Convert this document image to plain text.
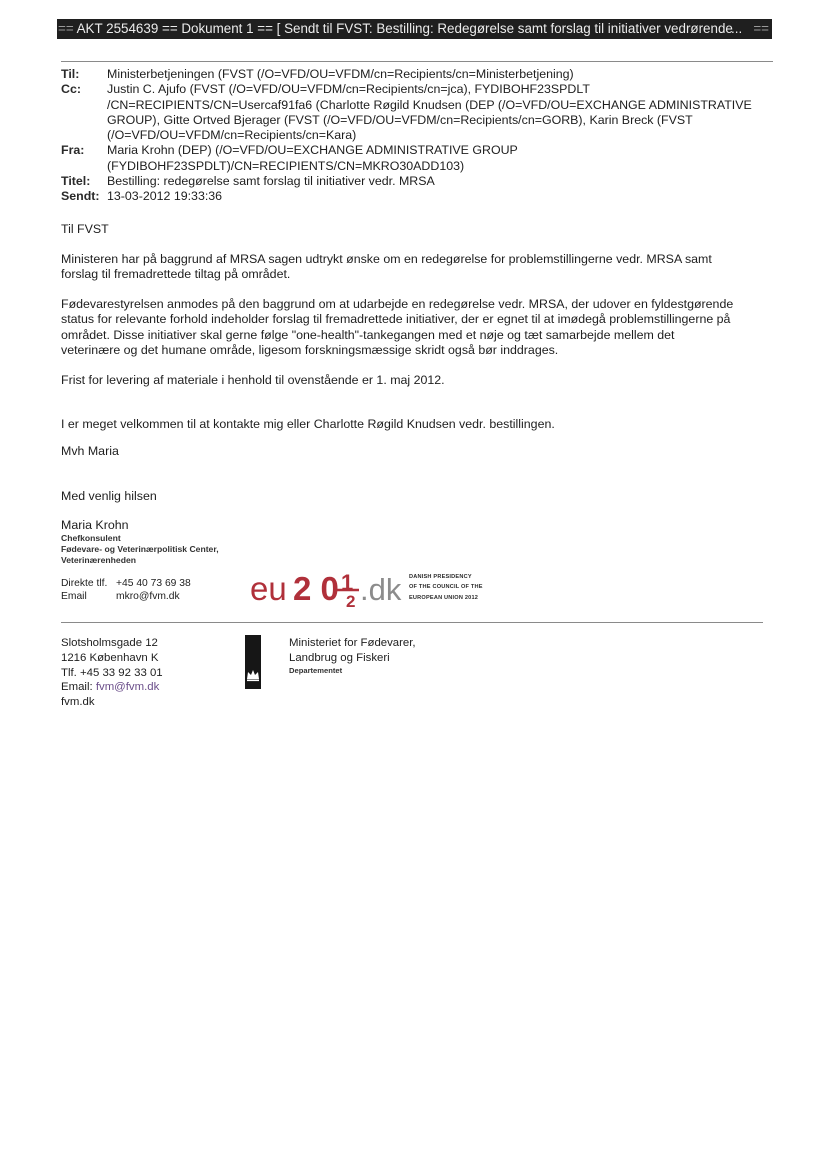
== AKT 2554639 == Dokument 1 == [ Sendt til FVST: Bestilling: Redegørelse samt forslag til initiativer vedrørende
... ==
Til:	Ministerbetjeningen (FVST (/O=VFD/OU=VFDM/cn=Recipients/cn=Ministerbetjening)
Cc:	Justin C. Ajufo (FVST (/O=VFD/OU=VFDM/cn=Recipients/cn=jca), FYDIBOHF23SPDLT /CN=RECIPIENTS/CN=Usercaf91fa6 (Charlotte Røgild Knudsen (DEP (/O=VFD/OU=EXCHANGE ADMINISTRATIVE GROUP), Gitte Ortved Bjerager (FVST (/O=VFD/OU=VFDM/cn=Recipients/cn=GORB), Karin Breck (FVST (/O=VFD/OU=VFDM/cn=Recipients/cn=Kara)
Fra:	Maria Krohn (DEP) (/O=VFD/OU=EXCHANGE ADMINISTRATIVE GROUP (FYDIBOHF23SPDLT)/CN=RECIPIENTS/CN=MKRO30ADD103)
Titel:	Bestilling: redegørelse samt forslag til initiativer vedr. MRSA
Sendt: 13-03-2012 19:33:36
Til FVST
Ministeren har på baggrund af MRSA sagen udtrykt ønske om en redegørelse for problemstillingerne vedr. MRSA samt forslag til fremadrettede tiltag på området.
Fødevarestyrelsen anmodes på den baggrund om at udarbejde en redegørelse vedr. MRSA, der udover en fyldestgørende status for relevante forhold indeholder forslag til fremadrettede initiativer, der er egnet til at imødegå problemstillingerne på området. Disse initiativer skal gerne følge "one-health"-tankegangen med et nøje og tæt samarbejde mellem det veterinære og det humane område, ligesom forskningsmæssige skridt også bør inddrages.
Frist for levering af materiale i henhold til ovenstående er 1. maj 2012.
I er meget velkommen til at kontakte mig eller Charlotte Røgild Knudsen vedr. bestillingen.
Mvh Maria
Med venlig hilsen
Maria Krohn
Chefkonsulent
Fødevare- og Veterinærpolitisk Center,
Veterinærenheden
Direkte tlf. +45 40 73 69 38
Email	mkro@fvm.dk	eu 2 0 1
2 .dk DANISH PRESIDENCY
OF THE COUNCIL OF THE
EUROPEAN UNION 2012
Slotsholmsgade 12
1216 København K
Tlf. +45 33 92 33 01
Email: fvm@fvm.dk
fvm.dk
Ministeriet for Fødevarer,
Landbrug og Fiskeri
Departementet
